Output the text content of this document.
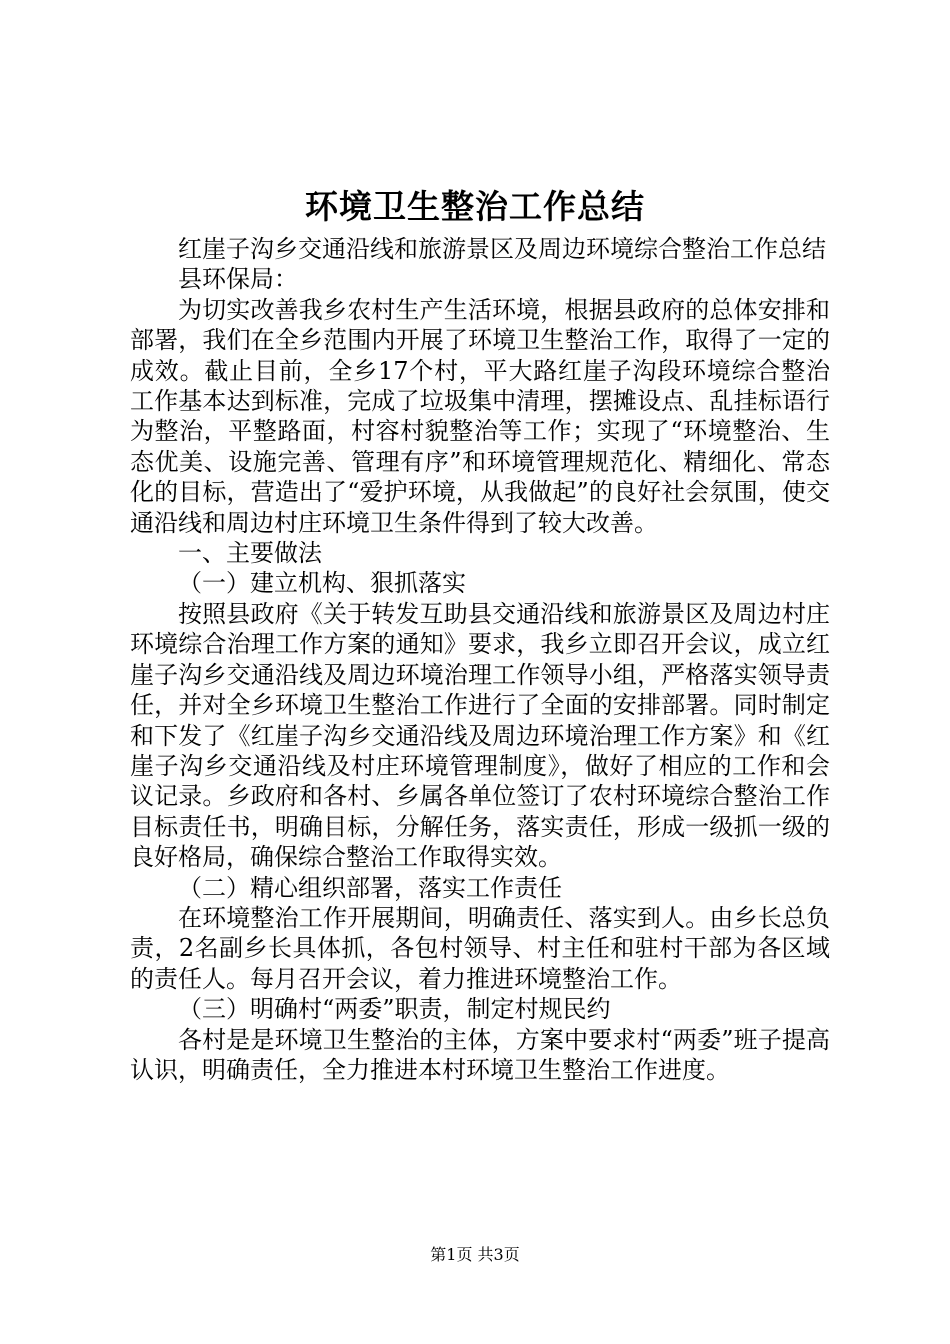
环境卫生整治工作总结

红崖子沟乡交通沿线和旅游景区及周边环境综合整治工作总结

县环保局：

为切实改善我乡农村生产生活环境，根据县政府的总体安排和部署，我们在全乡范围内开展了环境卫生整治工作，取得了一定的成效。截止目前，全乡17个村，平大路红崖子沟段环境综合整治工作基本达到标准，完成了垃圾集中清理，摆摊设点、乱挂标语行为整治，平整路面，村容村貌整治等工作；实现了“环境整治、生态优美、设施完善、管理有序”和环境管理规范化、精细化、常态化的目标，营造出了“爱护环境，从我做起”的良好社会氛围，使交通沿线和周边村庄环境卫生条件得到了较大改善。

一、主要做法

（一）建立机构、狠抓落实

按照县政府《关于转发互助县交通沿线和旅游景区及周边村庄环境综合治理工作方案的通知》要求，我乡立即召开会议，成立红崖子沟乡交通沿线及周边环境治理工作领导小组，严格落实领导责任，并对全乡环境卫生整治工作进行了全面的安排部署。同时制定和下发了《红崖子沟乡交通沿线及周边环境治理工作方案》和《红崖子沟乡交通沿线及村庄环境管理制度》，做好了相应的工作和会议记录。乡政府和各村、乡属各单位签订了农村环境综合整治工作目标责任书，明确目标，分解任务，落实责任，形成一级抓一级的良好格局，确保综合整治工作取得实效。

（二）精心组织部署，落实工作责任

在环境整治工作开展期间，明确责任、落实到人。由乡长总负责，2名副乡长具体抓，各包村领导、村主任和驻村干部为各区域的责任人。每月召开会议，着力推进环境整治工作。

（三）明确村“两委”职责，制定村规民约

各村是是环境卫生整治的主体，方案中要求村“两委”班子提高认识，明确责任，全力推进本村环境卫生整治工作进度。

第1页 共3页
